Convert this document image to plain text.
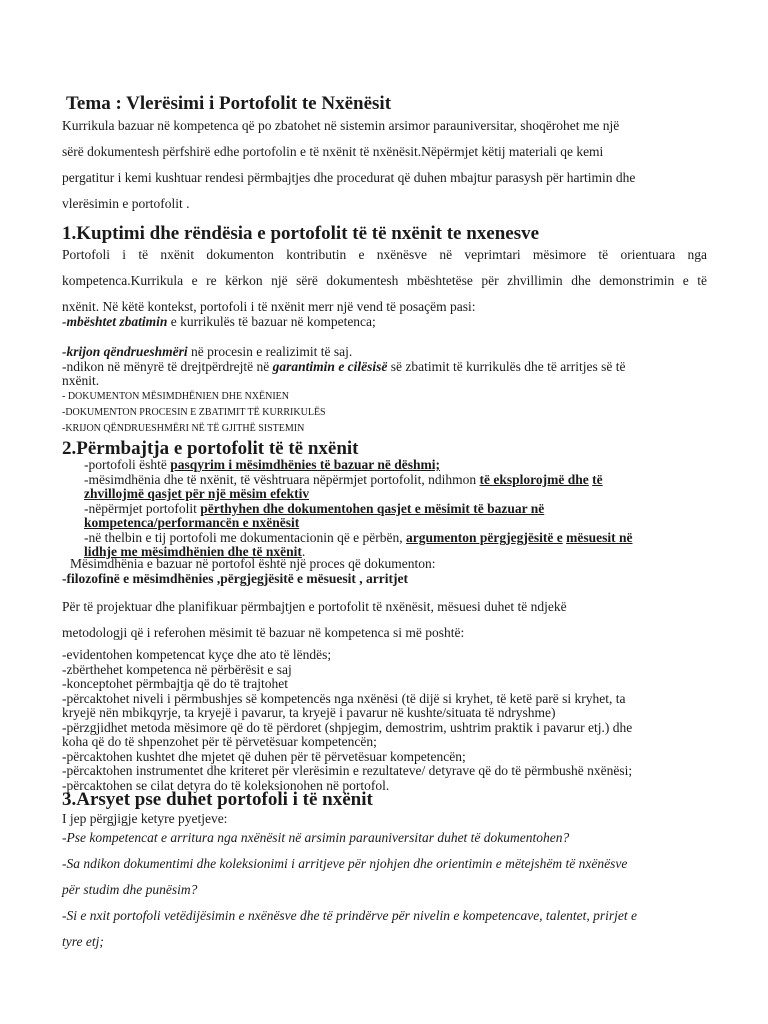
Tema : Vlerësimi i Portofolit te Nxënësit
Kurrikula bazuar në kompetenca që po zbatohet në sistemin arsimor parauniversitar, shoqërohet me një
sërë dokumentesh përfshirë edhe portofolin e të nxënit të nxënësit.Nëpërmjet këtij materiali qe kemi
pergatitur i kemi kushtuar rendesi përmbajtjes dhe procedurat që duhen mbajtur parasysh për hartimin dhe
vlerësimin e portofolit .
1.Kuptimi dhe rëndësia e portofolit të të nxënit te nxenesve
Portofoli i të nxënit dokumenton kontributin e nxënësve në veprimtari mësimore të orientuara nga
kompetenca.Kurrikula e re kërkon një sërë dokumentesh mbështetëse për zhvillimin dhe demonstrimin e të
nxënit. Në këtë kontekst, portofoli i të nxënit merr një vend të posaçëm pasi:
-mbështet zbatimin e kurrikulës të bazuar në kompetenca;
-krijon qëndrueshmëri në procesin e realizimit të saj.
-ndikon në mënyrë të drejtpërdrejtë në garantimin e cilësisë së zbatimit të kurrikulës dhe të arritjes së të
nxënit.
- DOKUMENTON MËSIMDHËNIEN DHE NXËNIEN
-DOKUMENTON PROCESIN E ZBATIMIT TË KURRIKULËS
-KRIJON QËNDRUESHMËRI NË TË GJITHË SISTEMIN
2.Përmbajtja e portofolit të të nxënit
-portofoli është pasqyrim i mësimdhënies të bazuar në dëshmi;
-mësimdhënia dhe të nxënit, të vështruara nëpërmjet portofolit, ndihmon të eksplorojmë dhe të
zhvillojmë qasjet për një mësim efektiv
-nëpërmjet portofolit përthyhen dhe dokumentohen qasjet e mësimit të bazuar në
kompetenca/performancën e nxënësit
-në thelbin e tij portofoli me dokumentacionin që e përbën, argumenton përgjegjësitë e mësuesit në
lidhje me mësimdhënien dhe të nxënit.
Mësimdhënia e bazuar në portofol është një proces që dokumenton:
-filozofinë e mësimdhënies ,përgjegjësitë e mësuesit , arritjet
Për të projektuar dhe planifikuar përmbajtjen e portofolit të nxënësit, mësuesi duhet të ndjekë
metodologji që i referohen mësimit të bazuar në kompetenca si më poshtë:
-evidentohen kompetencat kyçe dhe ato të lëndës;
-zbërthehet kompetenca në përbërësit e saj
-konceptohet përmbajtja që do të trajtohet
-përcaktohet niveli i përmbushjes së kompetencës nga nxënësi (të dijë si kryhet, të ketë parë si kryhet, ta
kryejë nën mbikqyrje, ta kryejë i pavarur, ta kryejë i pavarur në kushte/situata të ndryshme)
-përzgjidhet metoda mësimore që do të përdoret (shpjegim, demostrim, ushtrim praktik i pavarur etj.) dhe
koha që do të shpenzohet për të përvetësuar kompetencën;
-përcaktohen kushtet dhe mjetet që duhen për të përvetësuar kompetencën;
-përcaktohen instrumentet dhe kriteret për vlerësimin e rezultateve/ detyrave që do të përmbushë nxënësi;
-përcaktohen se cilat detyra do të koleksionohen në portofol.
3.Arsyet pse duhet portofoli i të nxënit
I jep përgjigje ketyre pyetjeve:
-Pse kompetencat e arritura nga nxënësit në arsimin parauniversitar duhet të dokumentohen?
-Sa ndikon dokumentimi dhe koleksionimi i arritjeve për njohjen dhe orientimin e mëtejshëm të nxënësve
për studim dhe punësim?
-Si e nxit portofoli vetëdijësimin e nxënësve dhe të prindërve për nivelin e kompetencave, talentet, prirjet e
tyre etj;
